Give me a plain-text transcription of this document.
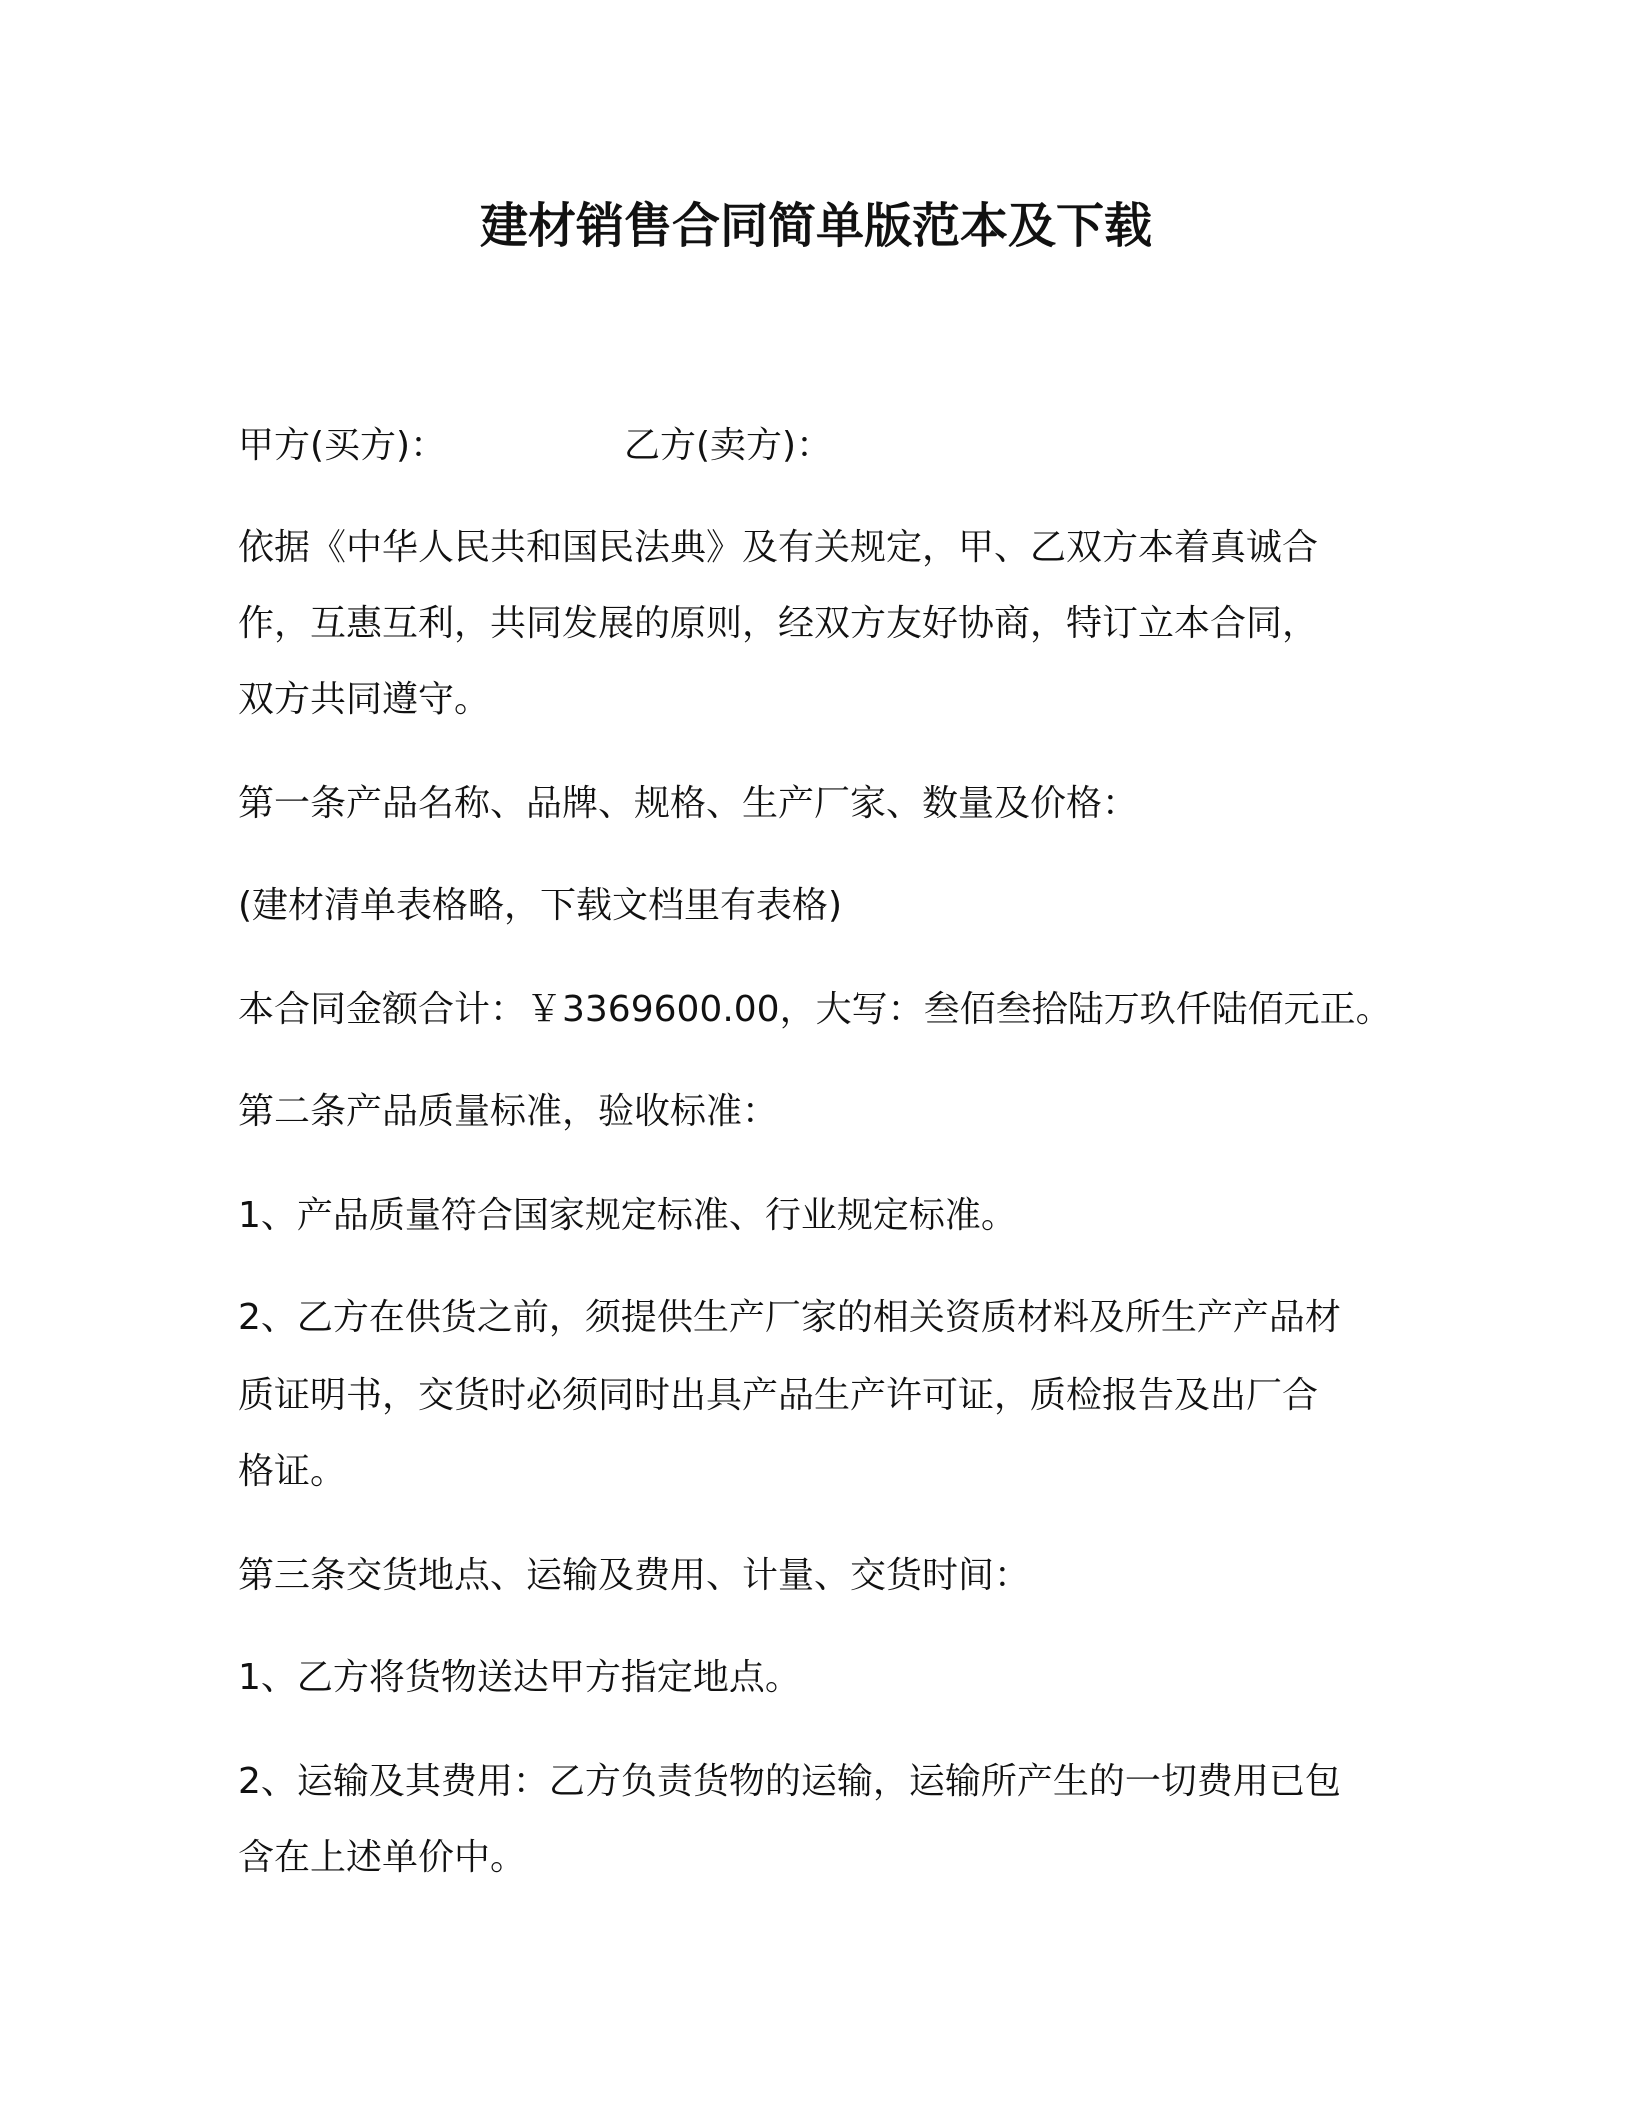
建材销售合同简单版范本及下载
甲方(买方)：	乙方(卖方)：
依据《中华人民共和国民法典》及有关规定，甲、乙双方本着真诚合
作，互惠互利，共同发展的原则，经双方友好协商，特订立本合同，
双方共同遵守。
第一条产品名称、品牌、规格、生产厂家、数量及价格：
(建材清单表格略，下载文档里有表格)
本合同金额合计：￥3369600.00，大写：叁佰叁拾陆万玖仟陆佰元正。
第二条产品质量标准，验收标准：
1、产品质量符合国家规定标准、行业规定标准。
2、乙方在供货之前，须提供生产厂家的相关资质材料及所生产产品材
质证明书，交货时必须同时出具产品生产许可证，质检报告及出厂合
格证。
第三条交货地点、运输及费用、计量、交货时间：
1、乙方将货物送达甲方指定地点。
2、运输及其费用：乙方负责货物的运输，运输所产生的一切费用已包
含在上述单价中。
